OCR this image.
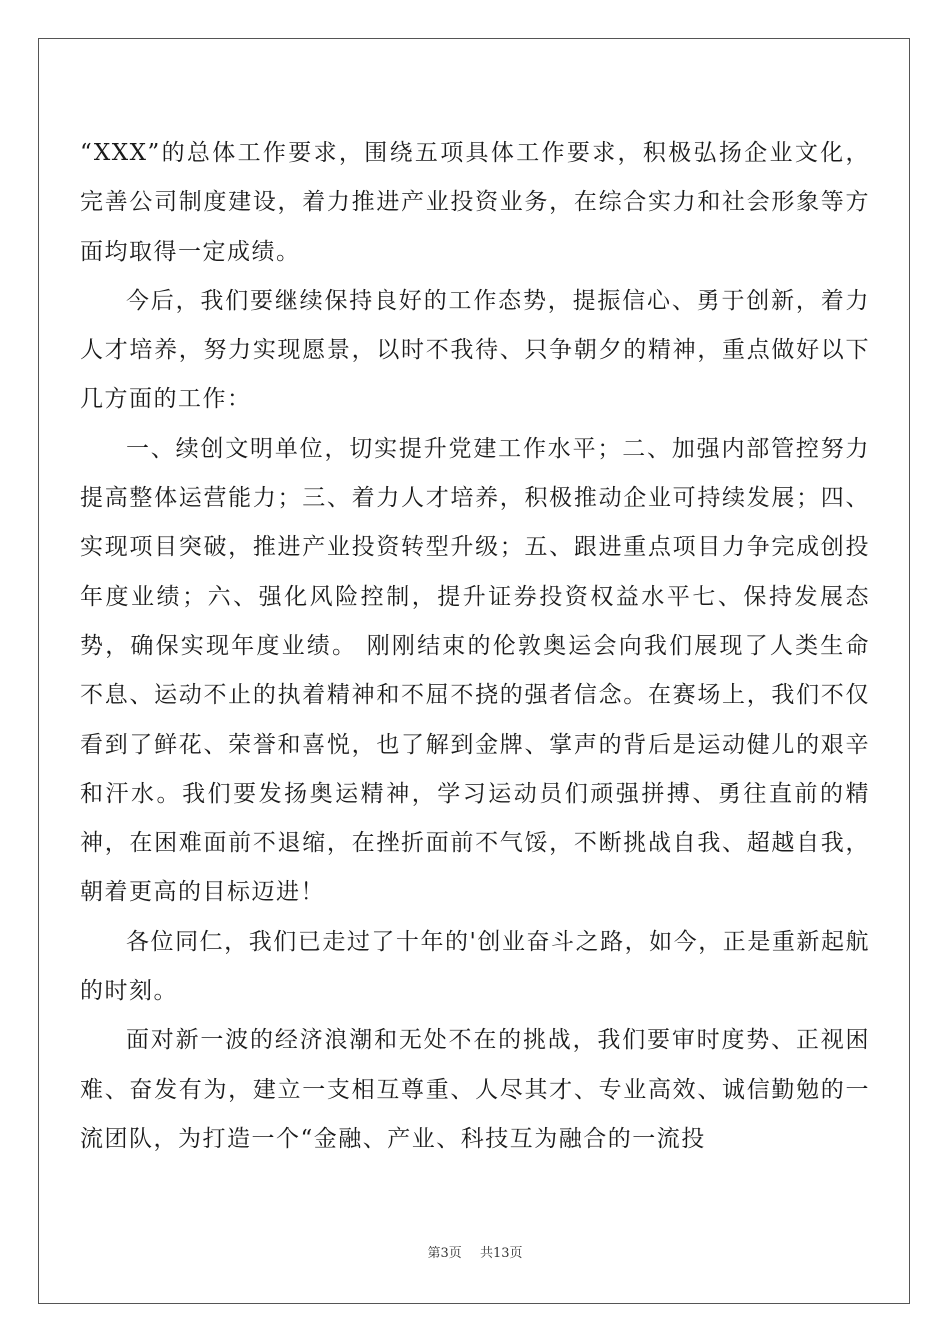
“XXX”的总体工作要求，围绕五项具体工作要求，积极弘扬企业文化，完善公司制度建设，着力推进产业投资业务，在综合实力和社会形象等方面均取得一定成绩。

今后，我们要继续保持良好的工作态势，提振信心、勇于创新，着力人才培养，努力实现愿景，以时不我待、只争朝夕的精神，重点做好以下几方面的工作：

一、续创文明单位，切实提升党建工作水平；二、加强内部管控努力提高整体运营能力；三、着力人才培养，积极推动企业可持续发展；四、实现项目突破，推进产业投资转型升级；五、跟进重点项目力争完成创投年度业绩；六、强化风险控制，提升证券投资权益水平七、保持发展态势，确保实现年度业绩。 刚刚结束的伦敦奥运会向我们展现了人类生命不息、运动不止的执着精神和不屈不挠的强者信念。在赛场上，我们不仅看到了鲜花、荣誉和喜悦，也了解到金牌、掌声的背后是运动健儿的艰辛和汗水。我们要发扬奥运精神，学习运动员们顽强拼搏、勇往直前的精神，在困难面前不退缩，在挫折面前不气馁，不断挑战自我、超越自我，朝着更高的目标迈进！

各位同仁，我们已走过了十年的'创业奋斗之路，如今，正是重新起航的时刻。

面对新一波的经济浪潮和无处不在的挑战，我们要审时度势、正视困难、奋发有为，建立一支相互尊重、人尽其才、专业高效、诚信勤勉的一流团队，为打造一个“金融、产业、科技互为融合的一流投

第3页 共13页
